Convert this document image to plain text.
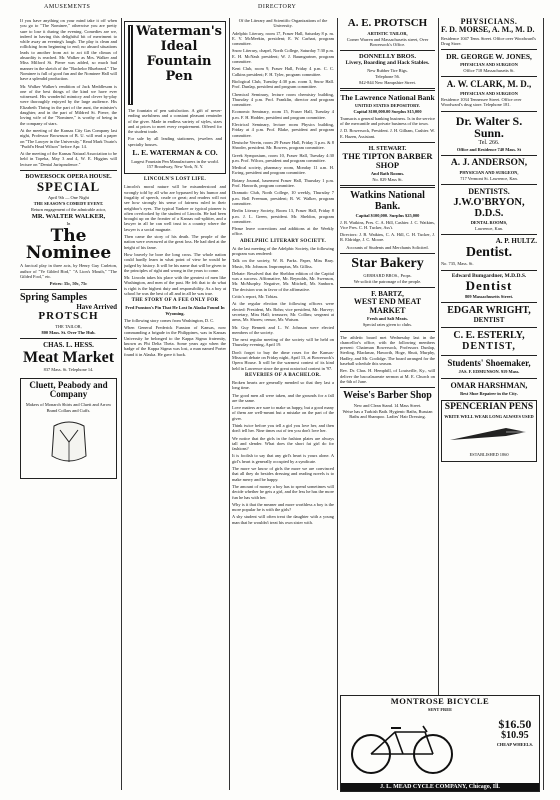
AMUSEMENTS	DIRECTORY

If you have anything on your mind take it off when you go to "The Nominee," otherwise you are pretty sure to lose it during the evening. Comedies are we, indeed in having this delightful bit of merriment to while away an evening's laugh. The play is clean and rollicking from beginning to end; no absurd situations leads to another from act to act till the climax of absurdity is reached. Mr. Walker as Mrs. Walker and Miss Milford St. Pierre was added, so much bad manner in the sketch of the "Bachelor Bluebeard." The Nominee is full of good fun and the Nominee Hall will have a splendid production.

Mr. Walker Walker's rendition of Jack Meddlesom is one of the best things of the kind we have ever witnessed. His wonderful mimicry and clever by-play were thoroughly enjoyed by the large audience. His Elizabeth Thring in the part of the aunt, the minister's daughter, and in the part of Mildred St. Pierre, the loving wife of the "Nominee," is worthy of being in the company of stars.

At the meeting of the Kansas City Gas Company last night, Professor Brownson of B. U. will read a paper on "The Lawyer in the University." Read Mark Twain's "Pudd'n Head Wilson" before Apr. 14.

At the meeting of the Kansas Natural Association to be held in Topeka, May 3 and 4, W. E. Higgins will lecture on "Dental Jurisprudence."

BOWERSOCK OPERA HOUSE.
SPECIAL
April 9th — One Night
THE SEASON'S COMEDY EVENT.
Return engagement of the admirable actor,
MR. WALTER WALKER,
In
The Nominee

A farcical play in three acts, by Henry Guy Carleton, author of "Ye Gilded Bird," "A Lion's Mouth," "The Gilded Fool," etc.

Prices: 35c, 50c, 75c
Spring Samples
Have Arrived
PROTSCH
THE TAILOR,
800 Mass. St. Over The Hub.
CHAS. L. HESS.
Meat Market
837 Mass. St. Telephone 14.
Cluett, Peabody and Company
Makers of Monarch Shirts and Cluett and Arrow Brand Collars and Cuffs.
Waterman's Ideal Fountain Pen

The fountain of pen satisfaction. A gift of never-ending usefulness and a constant pleasant reminder of the giver. Made in endless variety of styles, sizes and at prices to meet every requirement. Offered for the student trade.

For sale by all leading stationers, jewelers and specialty houses.

L. E. WATERMAN & CO.
Largest Fountain Pen Manufacturers in the world. 157 Broadway, New York, N. Y.
LINCOLN'S LOST LIFE.

Lincoln's moral nature will be misunderstood and wrongly told by all who are bypassed by his humor and frugality of speech, crude or great; and readers will not see how strongly his sense of fairness ruled in their neighbor's eyes. The typical Yankee or typical pioneer is often overlooked by the student of Lincoln. He had been brought up on the frontier of a Kansas rail-splitter, and a lawyer in all he can well trust in a country where the lawyer is a social magnate.

Then came the story of his death. The people of the nation were overawed at the great loss. He had died at the height of his fame.

How bravely he bore the long cross. The whole nation could hardly learn in what point of view he would be judged by history. It will be his name that will be given to the principles of right and wrong in the years to come.

Mr. Lincoln takes his place with the greatest of men like Washington, and men of the past. He felt that to do what is right is the highest duty and responsibility. As a boy at school he was the best of all and in all he was true.

THE STORY OF A FEE ONLY FOR

Fred Funston's Pin That He Lost In Alaska Found In Wyoming.

The following story comes from Washington, D. C.

When General Frederick Funston of Kansas, now commanding a brigade in the Philippines, was in Kansas University he belonged to the Kappa Sigma fraternity, known as Phi Delta Theta. Some years ago when the badge of the Kappa Sigma was lost, a man named Porter found it in Alaska. He gave it back.

Of the Literary and Scientific Organizations of the University.

Adelphic Literary, room 17, Fraser Hall, Saturday 8 p. m. E. V. McMeekin, president; E. W. Carhart, program committee.

Snow Literary, chapel, North College, Saturday 7:30 p.m. E. H. McNash president; W. J. Baumgartner, program committee.

Kent Club, room 9, Fraser Hall, Friday 4 p.m. C. C. Calkins president; F. H. Tyler, program committee.

Biological Club, Tuesday 4:30 p.m. room 3, Snow Hall. Prof. Dunlap, president and program committee.

Chemical Seminary, lecture room chemistry building, Thursday 4 p.m. Prof. Franklin, director and program committee.

Economic Seminary, room 15, Fraser Hall, Tuesday 4 p.m. F. H. Hodder, president and program committee.

Electrical Seminary, lecture room Physics building, Friday at 4 p.m. Prof. Blake, president and program committee.

Deutsche Verein, room 29 Fraser Hall, Friday 3 p.m. & 8 Shroder, president. Mr. Bowers, program committee.

Greek Symposium, room 10, Fraser Hall, Tuesday 4:30 p.m. Prof. Wilcox, president and program committee.

Medical society, pharmacy room, Monday 11 a.m. H. Ewing, president and program committee.

Botany Journal, basement Fraser Hall, Thursday 1 p.m. Prof. Haworth, program committee.

Dramatic Club, North College, 10 weekly, Thursday 7 p.m. Bell Freeman, president; B. W. Walker, program committee.

Berlin Literary Society, Room 13, Fraser Hall, Friday 8 p.m. J. L. Green, president. Mr. Sheldon, program committee.

Please leave corrections and additions at the Weekly office.

ADELPHIC LITERARY SOCIETY.

At the last meeting of the Adelphic Society, the following program was rendered:

Talk on the society, W. R. Parks. Paper, Miss Bray. Music, Mr. Johnson. Impromptus, Mr. Gilliss.

Debate: Resolved that the Sheldon edition of the Capital was a success. Affirmative, Mr. Reynolds, Mr. Swenson, Mr. McMurphy. Negative, Mr. Mitchell, Mr. Sanborn. The decision was in favor of the affirmative.

Critic's report, Mr. Tobias.

At the regular election the following officers were elected: President, Mr. Bohn; vice president, Mr. Harvey; secretary, Miss Hall; treasurer, Mr. Collins; sergeant at arms, Mr. Shores; censor, Mr. Watson.

Mr. Guy Bennett and L. W. Johnson were elected members of the society.

The next regular meeting of the society will be held on Thursday evening, April 19.

Don't forget to buy the dime roses for the Kansas-Missouri debate on Friday night, April 13, at Bowersock's Opera House. It will be the warmest contest of its kind held in Lawrence since the great oratorical contest in '97.

REVERIES OF A BACHELOR.

Broken hearts are generally mended so that they last a long time.

The good men all were taken, and the grounds for a fall are the same.

Love matters are sure to make us happy, but a good many of them are well-meant but a mistake on the part of the giver.

Think twice before you tell a girl you love her, and then don't tell her. Nine times out of ten you don't love her.

We notice that the girls in the fashion plates are always tall and slender. What does the short fat girl do for fashions?

It is foolish to say that any girl's heart is yours alone. A girl's heart is generally occupied by a syndicate.

The more we know of girls the more we are convinced that all they do besides dressing and reading novels is to make merry and be happy.

The amount of money a boy has to spend sometimes will decide whether he gets a girl, and the less he has the more fun he has with her.

Why is it that the meaner and more worthless a boy is the more popular he is with the girls?

A shy student will often treat the daughter with a young man that he wouldn't treat his own sister with.

A. E. PROTSCH
ARTISTIC TAILOR,
Corner Warren and Massachusetts street, Over Bowersock's Office.
DONNELLY BROS.
Livery, Boarding and Hack Stables.
New Rubber Tire Rigs.
Telephone 56.
842-844 New Hampshire Street.
The Lawrence National Bank
UNITED STATES DEPOSITORY.
Capital $100,000.00 Surplus $15,000

Transacts a general banking business. Is in the service of the mercantile and private business of the town.

J. D. Bowersock, President. J. H. Gilham, Cashier. W. E. Hazen, Assistant.

H. STEWART.
THE TIPTON BARBER SHOP
And Bath Rooms.
No. 829 Mass St.
Watkins National Bank.
Capital $100,000. Surplus $25,000

J. B. Watkins, Pres. C. A. Hill, Cashier. J. C. Watkins, Vice Pres. C. H. Tucker, Ass't.

Directors: J. B. Watkins, C. A. Hill, C. H. Tucker, J. R. Eldridge, J. C. Moore.

Accounts of Students and Merchants Solicited.
Star Bakery
GERHARD BROS., Props.
We solicit the patronage of the people.
F. BARTZ,
WEST END MEAT MARKET
Fresh and Salt Meats.
Special rates given to clubs.

The athletic board met Wednesday last in the chancellor's office, with the following members present: Chairman Bowersock, Professors Dunlap, Sterling, Blackmar, Haworth, Hoge, Shutt, Murphy, Hadley, and Mr. Coolidge. The board arranged for the baseball schedule this season.

Rev. Dr. Chas. H. Hemphill, of Louisville, Ky., will deliver the baccalaureate sermon at M. E. Church on the 6th of June.

Weise's Barber Shop
New and Clean Stand. 14 Mass Street.
Weise has a Turkish Bath. Hygienic Baths, Russian Baths and Shampoo. Ladies' Hair Dressing.
PHYSICIANS.
F. D. MORSE, A. M., M. D.
Residence 1047 Tenn. Street. Office over Woodward's Drug Store.
DR. GEORGE W. JONES,
PHYSICIAN AND SURGEON
Office 718 Massachusetts St.
A. W. CLARK, M. D.,
PHYSICIAN AND SURGEON
Residence 1034 Tennessee Street. Office over Woodward's drug store. Telephone 181.
Dr. Walter S. Sunn.
Tel. 266.
Office and Residence 740 Mass. St
A. J. ANDERSON,
PHYSICIAN AND SURGEON,
717 Vermont St. Lawrence, Kan.
DENTISTS.
J.W.O'BRYON, D.D.S.
DENTAL ROOMS,
Lawrence, Kan.
A. P. HULTZ.
Dentist.
No. 735, Mass. St.
Edward Bumgardner, M.D.D.S.
Dentist
809 Massachusetts Street.
EDGAR WRIGHT,
DENTIST
C. E. ESTERLY,
DENTIST,
Students' Shoemaker,
JAS. F. EDMUNSON. 919 Mass.
OMAR HARSHMAN,
Best Shoe Repairer in the City.
SPENCERIAN PENS
WRITE WELL WEAR LONG ALWAYS USED
ESTABLISHED 1860
MONTROSE BICYCLE
SENT FREE
$16.50
$10.95
CHEAP WHEELS.
J. L. MEAD CYCLE COMPANY, Chicago, Ill.
